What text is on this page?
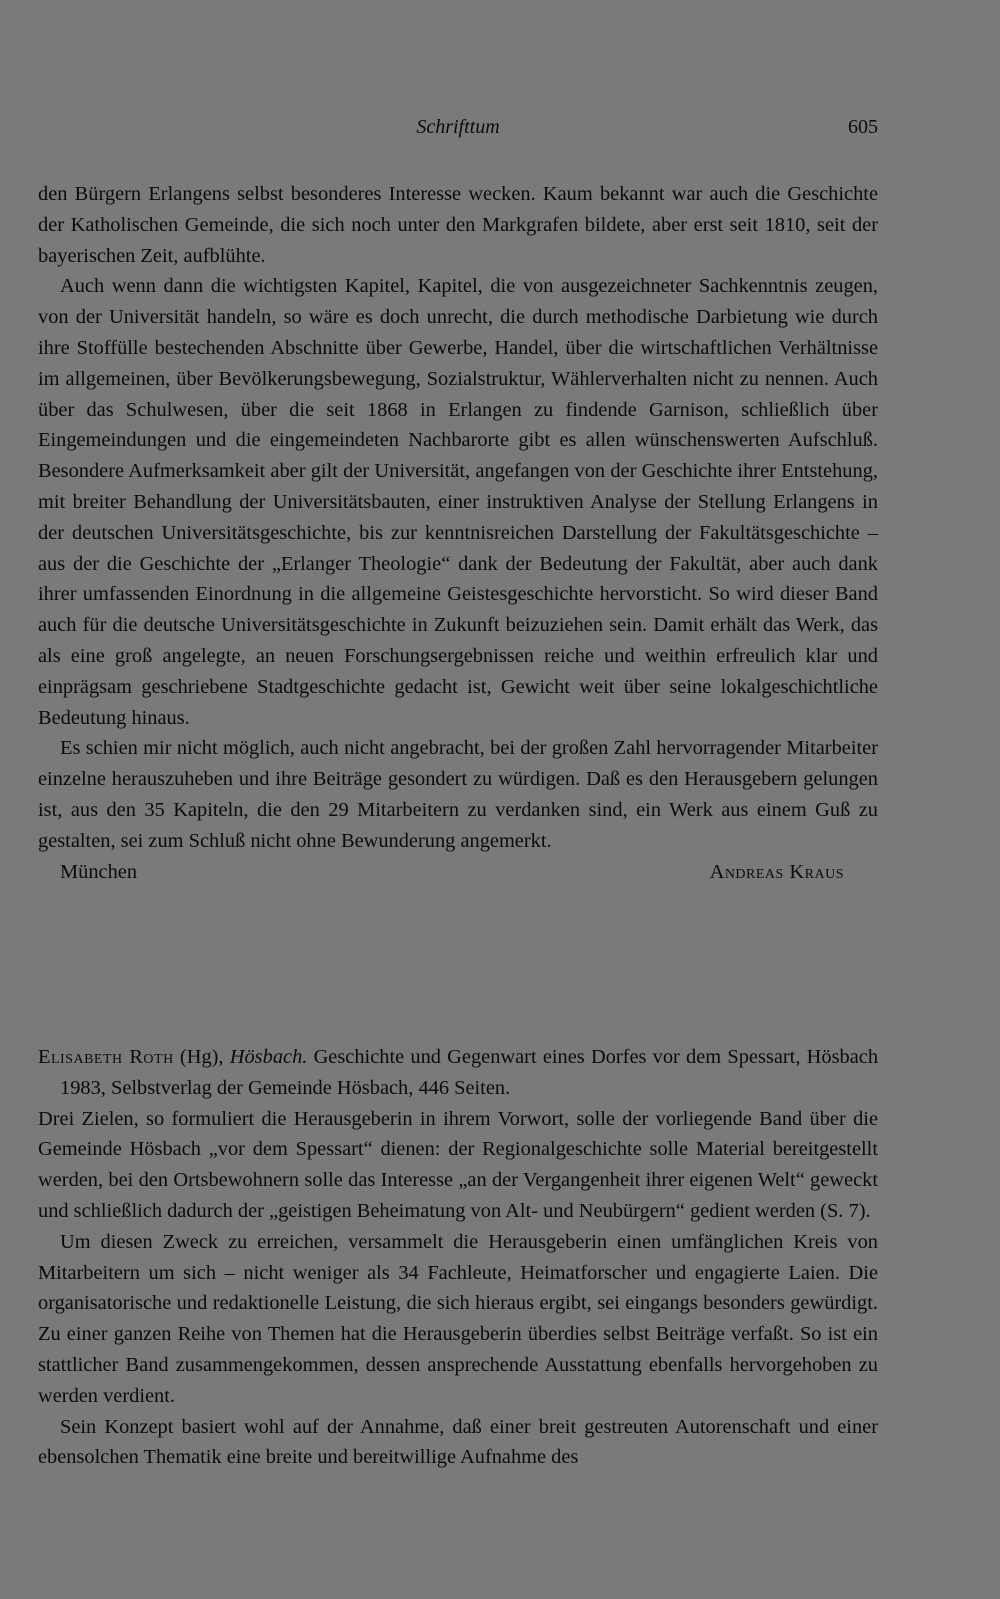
Schrifttum	605

den Bürgern Erlangens selbst besonderes Interesse wecken. Kaum bekannt war auch die Geschichte der Katholischen Gemeinde, die sich noch unter den Markgrafen bildete, aber erst seit 1810, seit der bayerischen Zeit, aufblühte.

Auch wenn dann die wichtigsten Kapitel, Kapitel, die von ausgezeichneter Sachkenntnis zeugen, von der Universität handeln, so wäre es doch unrecht, die durch methodische Darbietung wie durch ihre Stoffülle bestechenden Abschnitte über Gewerbe, Handel, über die wirtschaftlichen Verhältnisse im allgemeinen, über Bevölkerungsbewegung, Sozialstruktur, Wählerverhalten nicht zu nennen. Auch über das Schulwesen, über die seit 1868 in Erlangen zu findende Garnison, schließlich über Eingemeindungen und die eingemeindeten Nachbarorte gibt es allen wünschenswerten Aufschluß. Besondere Aufmerksamkeit aber gilt der Universität, angefangen von der Geschichte ihrer Entstehung, mit breiter Behandlung der Universitätsbauten, einer instruktiven Analyse der Stellung Erlangens in der deutschen Universitätsgeschichte, bis zur kenntnisreichen Darstellung der Fakultätsgeschichte – aus der die Geschichte der „Erlanger Theologie“ dank der Bedeutung der Fakultät, aber auch dank ihrer umfassenden Einordnung in die allgemeine Geistesgeschichte hervorsticht. So wird dieser Band auch für die deutsche Universitätsgeschichte in Zukunft beizuziehen sein. Damit erhält das Werk, das als eine groß angelegte, an neuen Forschungsergebnissen reiche und weithin erfreulich klar und einprägsam geschriebene Stadtgeschichte gedacht ist, Gewicht weit über seine lokalgeschichtliche Bedeutung hinaus.

Es schien mir nicht möglich, auch nicht angebracht, bei der großen Zahl hervorragender Mitarbeiter einzelne herauszuheben und ihre Beiträge gesondert zu würdigen. Daß es den Herausgebern gelungen ist, aus den 35 Kapiteln, die den 29 Mitarbeitern zu verdanken sind, ein Werk aus einem Guß zu gestalten, sei zum Schluß nicht ohne Bewunderung angemerkt.

München	Andreas Kraus

Elisabeth Roth (Hg), Hösbach. Geschichte und Gegenwart eines Dorfes vor dem Spessart, Hösbach 1983, Selbstverlag der Gemeinde Hösbach, 446 Seiten.

Drei Zielen, so formuliert die Herausgeberin in ihrem Vorwort, solle der vorliegende Band über die Gemeinde Hösbach „vor dem Spessart“ dienen: der Regionalgeschichte solle Material bereitgestellt werden, bei den Ortsbewohnern solle das Interesse „an der Vergangenheit ihrer eigenen Welt“ geweckt und schließlich dadurch der „geistigen Beheimatung von Alt- und Neubürgern“ gedient werden (S. 7).

Um diesen Zweck zu erreichen, versammelt die Herausgeberin einen umfänglichen Kreis von Mitarbeitern um sich – nicht weniger als 34 Fachleute, Heimatforscher und engagierte Laien. Die organisatorische und redaktionelle Leistung, die sich hieraus ergibt, sei eingangs besonders gewürdigt. Zu einer ganzen Reihe von Themen hat die Herausgeberin überdies selbst Beiträge verfaßt. So ist ein stattlicher Band zusammengekommen, dessen ansprechende Ausstattung ebenfalls hervorgehoben zu werden verdient.

Sein Konzept basiert wohl auf der Annahme, daß einer breit gestreuten Autorenschaft und einer ebensolchen Thematik eine breite und bereitwillige Aufnahme des
